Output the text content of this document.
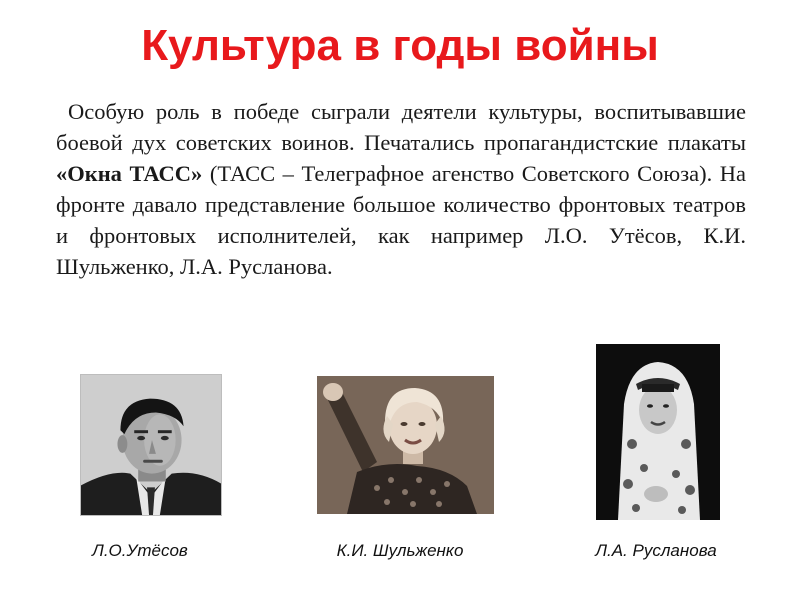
Культура в годы войны

Особую роль в победе сыграли деятели культуры, воспитывавшие боевой дух советских воинов. Печатались пропагандистские плакаты «Окна ТАСС» (ТАСС – Телеграфное агенство Советского Союза). На фронте давало представление большое количество фронтовых театров и фронтовых исполнителей, как например Л.О. Утёсов, К.И. Шульженко, Л.А. Русланова.

Л.О.Утёсов	К.И. Шульженко	Л.А. Русланова
